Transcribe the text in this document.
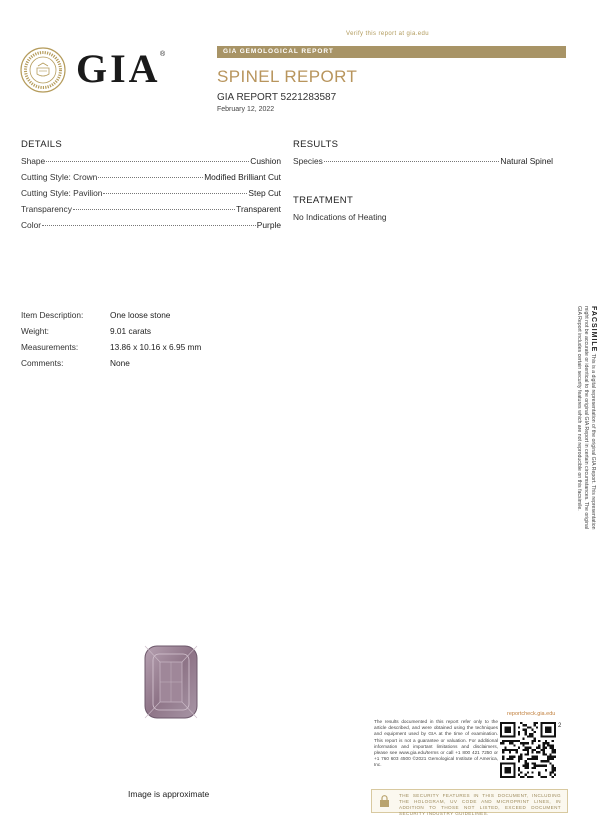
Verify this report at gia.edu
GIA ®	GIA GEMOLOGICAL REPORT
SPINEL REPORT
GIA REPORT 5221283587
February 12, 2022
DETAILS
Shape	Cushion
Cutting Style: Crown	Modified Brilliant Cut
Cutting Style: Pavilion	Step Cut
Transparency	Transparent
Color	Purple
RESULTS
Species	Natural Spinel
TREATMENT
No Indications of Heating
Item Description:	One loose stone
Weight:	9.01 carats
Measurements:	13.86 x 10.16 x 6.95 mm
Comments:	None
FACSIMILE This is a digital representation of the original GIA Report. This representation might not be accurate or identical to the original GIA Report in certain circumstances. The original GIA Report includes certain security features which are not reproducible on this facsimile.
Image is approximate
The results documented in this report refer only to the article described, and were obtained using the techniques and equipment used by GIA at the time of examination. This report is not a guarantee or valuation. For additional information and important limitations and disclaimers, please see www.gia.edu/terms or call +1 800 421 7250 or +1 760 603 4500 ©2021 Gemological Institute of America, Inc.
reportcheck.gia.edu
2
THE SECURITY FEATURES IN THIS DOCUMENT, INCLUDING THE HOLOGRAM, UV CODE AND MICROPRINT LINES, IN ADDITION TO THOSE NOT LISTED, EXCEED DOCUMENT SECURITY INDUSTRY GUIDELINES.
